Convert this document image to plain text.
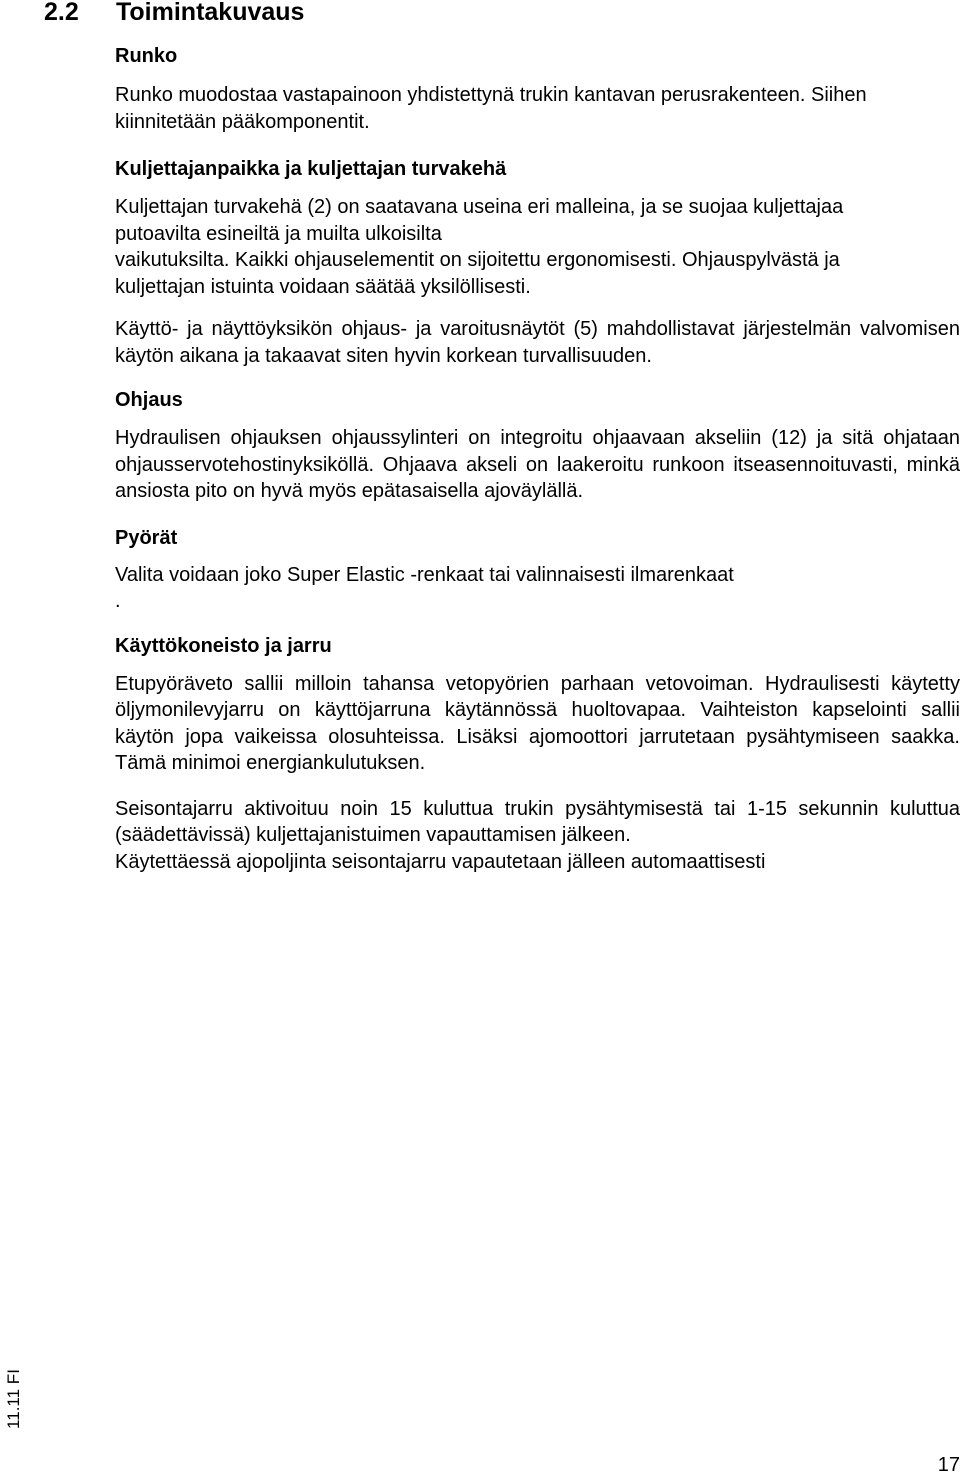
2.2 Toimintakuvaus
Runko

Runko muodostaa vastapainoon yhdistettynä trukin kantavan perusrakenteen. Siihen
kiinnitetään pääkomponentit.

Kuljettajanpaikka ja kuljettajan turvakehä

Kuljettajan turvakehä (2) on saatavana useina eri malleina, ja se suojaa kuljettajaa
putoavilta esineiltä ja muilta ulkoisilta
vaikutuksilta. Kaikki ohjauselementit on sijoitettu ergonomisesti. Ohjauspylvästä ja
kuljettajan istuinta voidaan säätää yksilöllisesti.

Käyttö- ja näyttöyksikön ohjaus- ja varoitusnäytöt (5) mahdollistavat järjestelmän valvomisen käytön aikana ja takaavat siten hyvin korkean turvallisuuden.

Ohjaus

Hydraulisen ohjauksen ohjaussylinteri on integroitu ohjaavaan akseliin (12) ja sitä ohjataan ohjausservotehostinyksiköllä. Ohjaava akseli on laakeroitu runkoon itseasennoituvasti, minkä ansiosta pito on hyvä myös epätasaisella ajoväylällä.

Pyörät

Valita voidaan joko Super Elastic -renkaat tai valinnaisesti ilmarenkaat
.

Käyttökoneisto ja jarru

Etupyöräveto sallii milloin tahansa vetopyörien parhaan vetovoiman. Hydraulisesti käytetty öljymonilevyjarru on käyttöjarruna käytännössä huoltovapaa. Vaihteiston kapselointi sallii käytön jopa vaikeissa olosuhteissa. Lisäksi ajomoottori jarrutetaan pysähtymiseen saakka. Tämä minimoi energiankulutuksen.

Seisontajarru aktivoituu noin 15 kuluttua trukin pysähtymisestä tai 1-15 sekunnin kuluttua (säädettävissä) kuljettajanistuimen vapauttamisen jälkeen.

Käytettäessä ajopoljinta seisontajarru vapautetaan jälleen automaattisesti

11.11 FI
17
